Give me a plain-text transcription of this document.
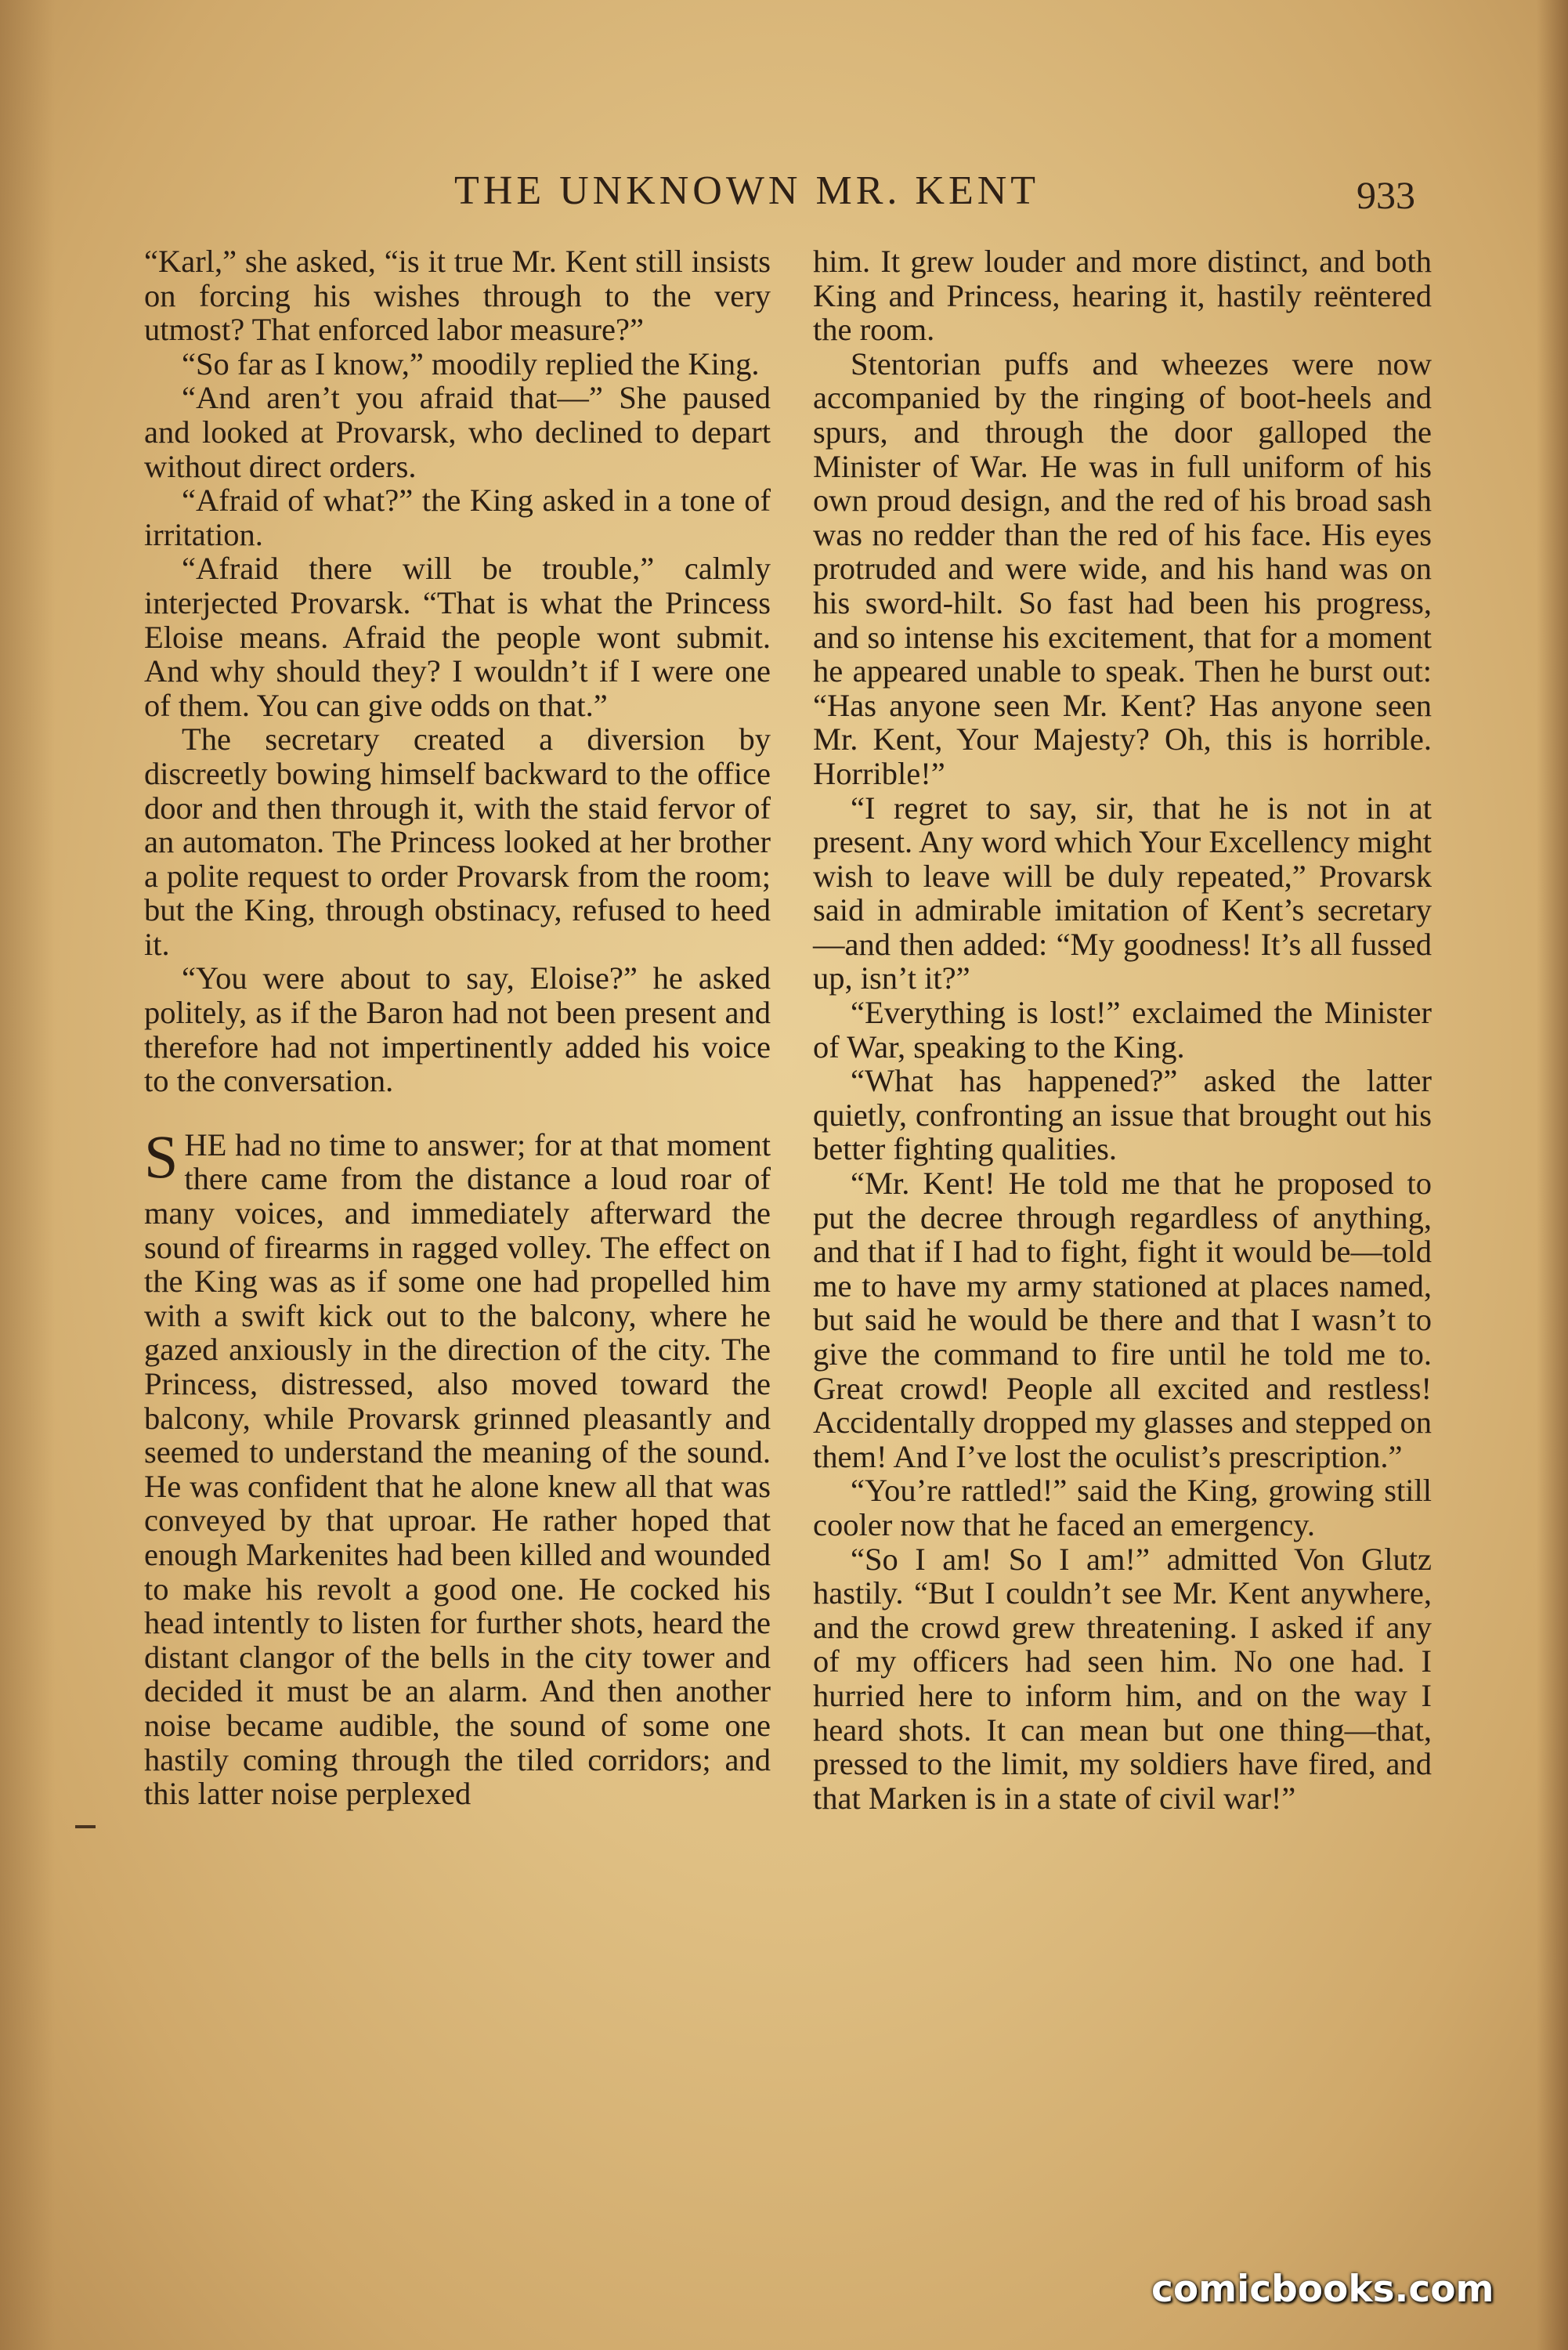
THE UNKNOWN MR. KENT	933

“Karl,” she asked, “is it true Mr. Kent still insists on forcing his wishes through to the very utmost? That enforced labor measure?”

“So far as I know,” moodily replied the King.

“And aren’t you afraid that—” She paused and looked at Provarsk, who declined to depart without direct orders.

“Afraid of what?” the King asked in a tone of irritation.

“Afraid there will be trouble,” calmly interjected Provarsk. “That is what the Princess Eloise means. Afraid the people wont submit. And why should they? I wouldn’t if I were one of them. You can give odds on that.”

The secretary created a diversion by discreetly bowing himself backward to the office door and then through it, with the staid fervor of an automaton. The Princess looked at her brother a polite request to order Provarsk from the room; but the King, through obstinacy, refused to heed it.

“You were about to say, Eloise?” he asked politely, as if the Baron had not been present and therefore had not impertinently added his voice to the conversation.

SHE had no time to answer; for at that moment there came from the distance a loud roar of many voices, and immediately afterward the sound of firearms in ragged volley. The effect on the King was as if some one had propelled him with a swift kick out to the balcony, where he gazed anxiously in the direction of the city. The Princess, distressed, also moved toward the balcony, while Provarsk grinned pleasantly and seemed to understand the meaning of the sound. He was confident that he alone knew all that was conveyed by that uproar. He rather hoped that enough Markenites had been killed and wounded to make his revolt a good one. He cocked his head intently to listen for further shots, heard the distant clangor of the bells in the city tower and decided it must be an alarm. And then another noise became audible, the sound of some one hastily coming through the tiled corridors; and this latter noise perplexed

him. It grew louder and more distinct, and both King and Princess, hearing it, hastily reëntered the room.

Stentorian puffs and wheezes were now accompanied by the ringing of boot-heels and spurs, and through the door galloped the Minister of War. He was in full uniform of his own proud design, and the red of his broad sash was no redder than the red of his face. His eyes protruded and were wide, and his hand was on his sword-hilt. So fast had been his progress, and so intense his excitement, that for a moment he appeared unable to speak. Then he burst out: “Has anyone seen Mr. Kent? Has anyone seen Mr. Kent, Your Majesty? Oh, this is horrible. Horrible!”

“I regret to say, sir, that he is not in at present. Any word which Your Excellency might wish to leave will be duly repeated,” Provarsk said in admirable imitation of Kent’s secretary—and then added: “My goodness! It’s all fussed up, isn’t it?”

“Everything is lost!” exclaimed the Minister of War, speaking to the King.

“What has happened?” asked the latter quietly, confronting an issue that brought out his better fighting qualities.

“Mr. Kent! He told me that he proposed to put the decree through regardless of anything, and that if I had to fight, fight it would be—told me to have my army stationed at places named, but said he would be there and that I wasn’t to give the command to fire until he told me to. Great crowd! People all excited and restless! Accidentally dropped my glasses and stepped on them! And I’ve lost the oculist’s prescription.”

“You’re rattled!” said the King, growing still cooler now that he faced an emergency.

“So I am! So I am!” admitted Von Glutz hastily. “But I couldn’t see Mr. Kent anywhere, and the crowd grew threatening. I asked if any of my officers had seen him. No one had. I hurried here to inform him, and on the way I heard shots. It can mean but one thing—that, pressed to the limit, my soldiers have fired, and that Marken is in a state of civil war!”

comicbooks.com
